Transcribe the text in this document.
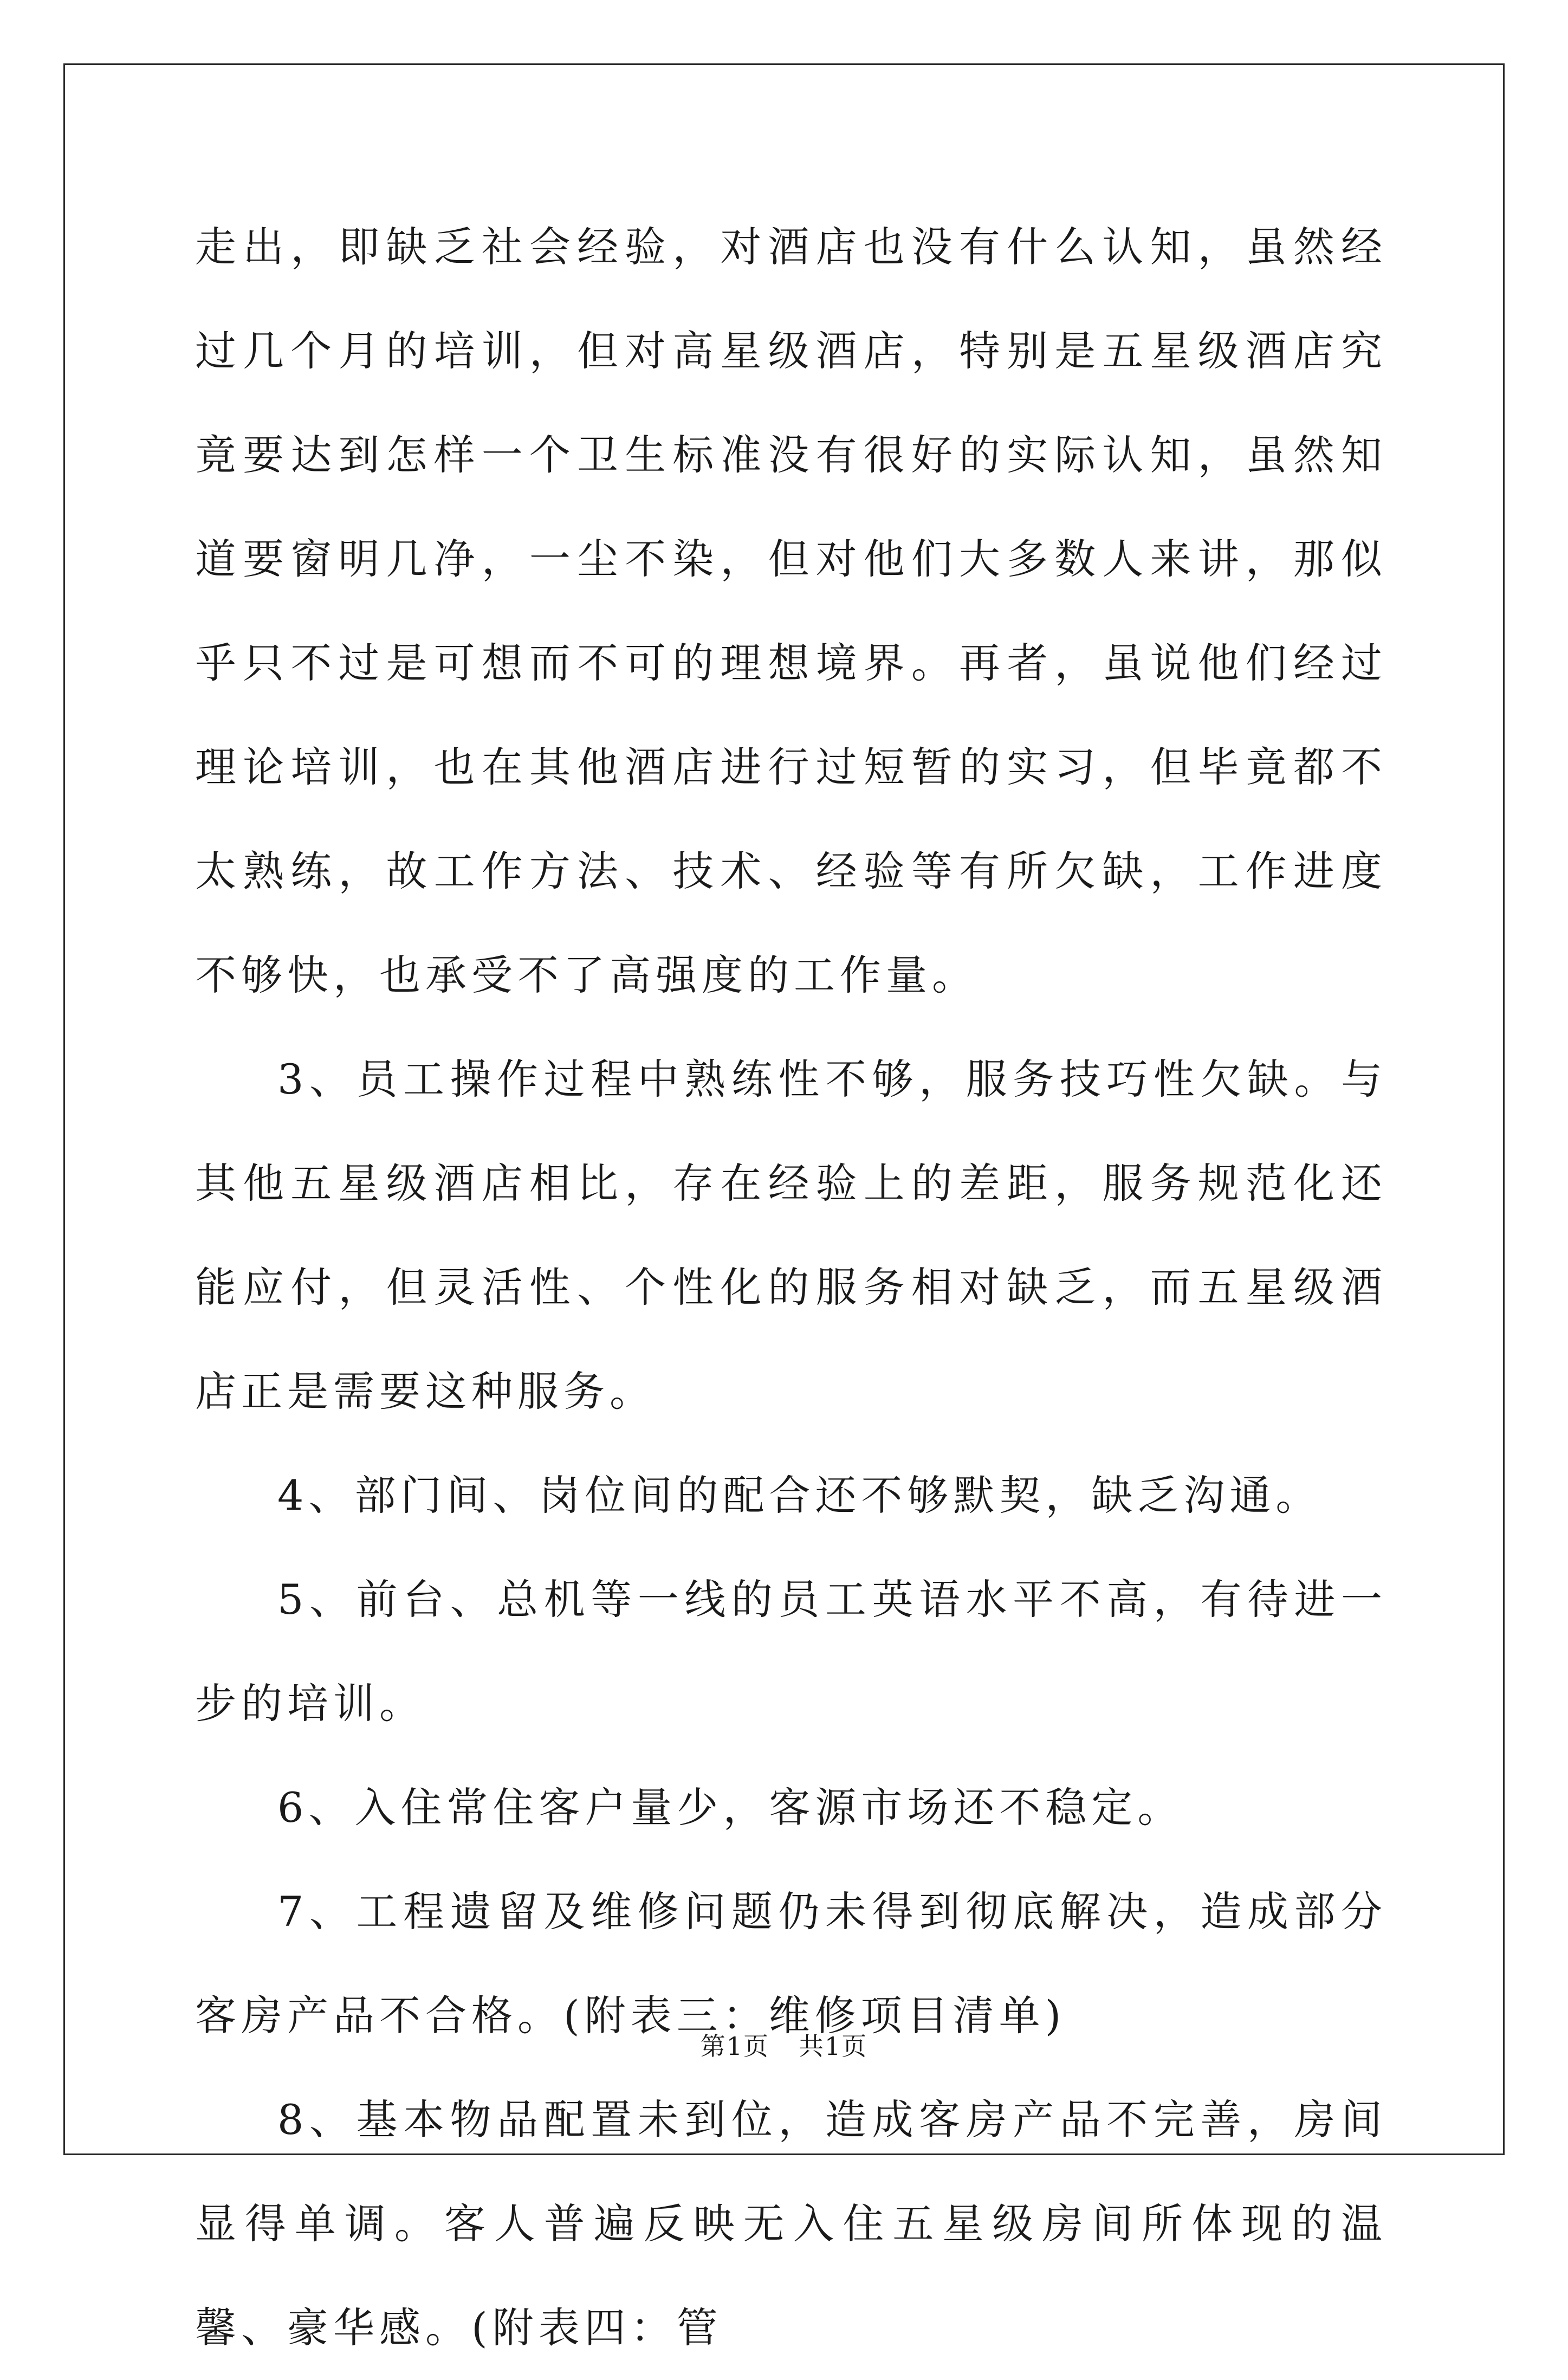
走出，即缺乏社会经验，对酒店也没有什么认知，虽然经过几个月的培训，但对高星级酒店，特别是五星级酒店究竟要达到怎样一个卫生标准没有很好的实际认知，虽然知道要窗明几净，一尘不染，但对他们大多数人来讲，那似乎只不过是可想而不可的理想境界。再者，虽说他们经过理论培训，也在其他酒店进行过短暂的实习，但毕竟都不太熟练，故工作方法、技术、经验等有所欠缺，工作进度不够快，也承受不了高强度的工作量。

3、员工操作过程中熟练性不够，服务技巧性欠缺。与其他五星级酒店相比，存在经验上的差距，服务规范化还能应付，但灵活性、个性化的服务相对缺乏，而五星级酒店正是需要这种服务。

4、部门间、岗位间的配合还不够默契，缺乏沟通。

5、前台、总机等一线的员工英语水平不高，有待进一步的培训。

6、入住常住客户量少，客源市场还不稳定。

7、工程遗留及维修问题仍未得到彻底解决，造成部分客房产品不合格。(附表三：维修项目清单)

8、基本物品配置未到位，造成客房产品不完善，房间显得单调。客人普遍反映无入住五星级房间所体现的温馨、豪华感。(附表四：管

第1页 共1页
